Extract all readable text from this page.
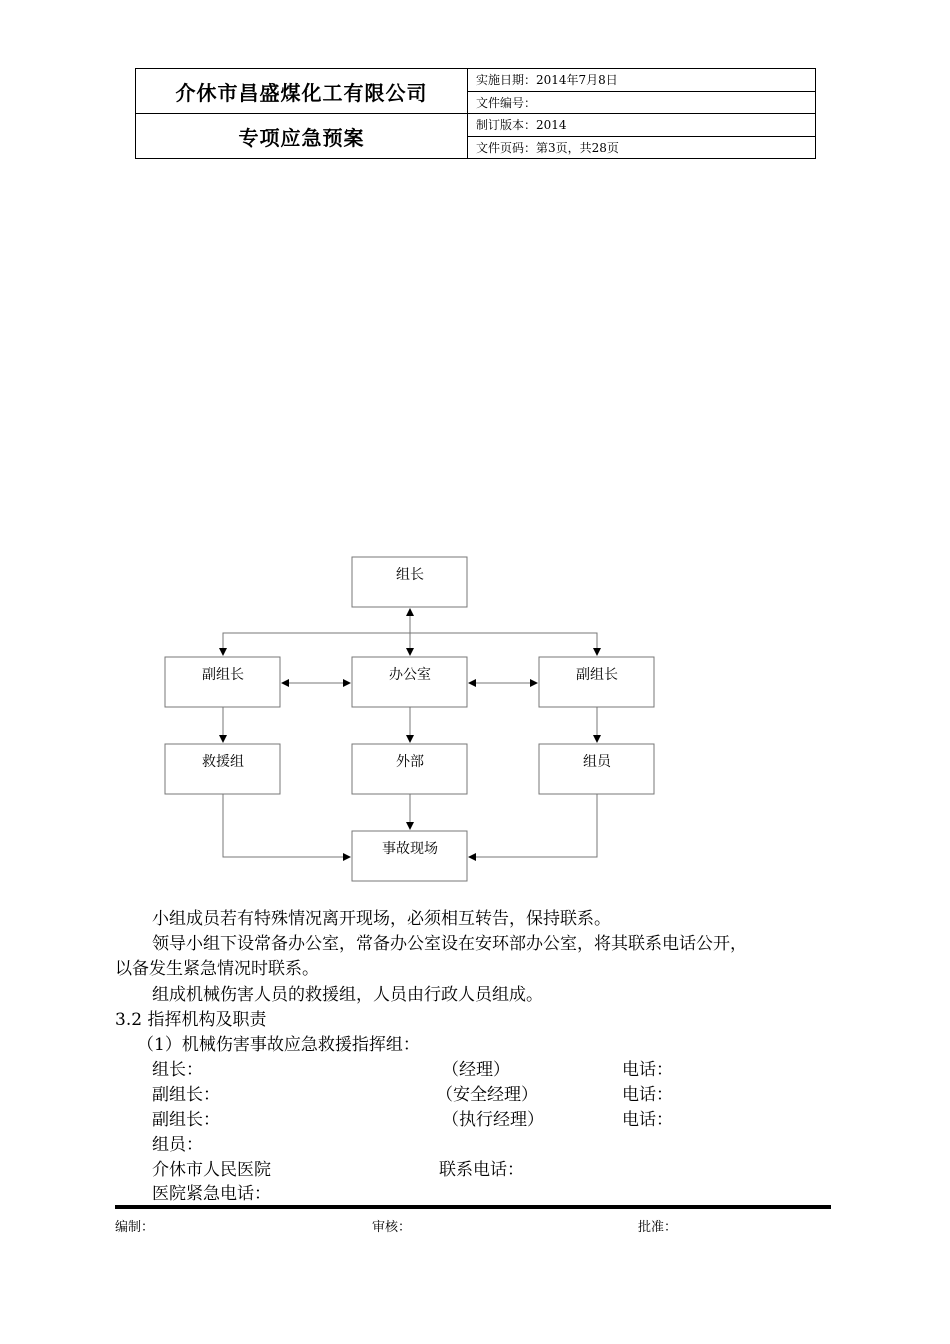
介休市昌盛煤化工有限公司	实施日期：2014年7月8日
	文件编号：
专项应急预案	制订版本：2014
	文件页码：第3页，共28页
组长
副组长	办公室	副组长
救援组	外部	组员
事故现场
小组成员若有特殊情况离开现场，必须相互转告，保持联系。
领导小组下设常备办公室，常备办公室设在安环部办公室，将其联系电话公开，
以备发生紧急情况时联系。
组成机械伤害人员的救援组，人员由行政人员组成。
3.2 指挥机构及职责
（1）机械伤害事故应急救援指挥组：
组长：	（经理）	电话：
副组长：	（安全经理）	电话：
副组长：	（执行经理）	电话：
组员：
介休市人民医院	联系电话：
医院紧急电话：
编制：	审核：	批准：
